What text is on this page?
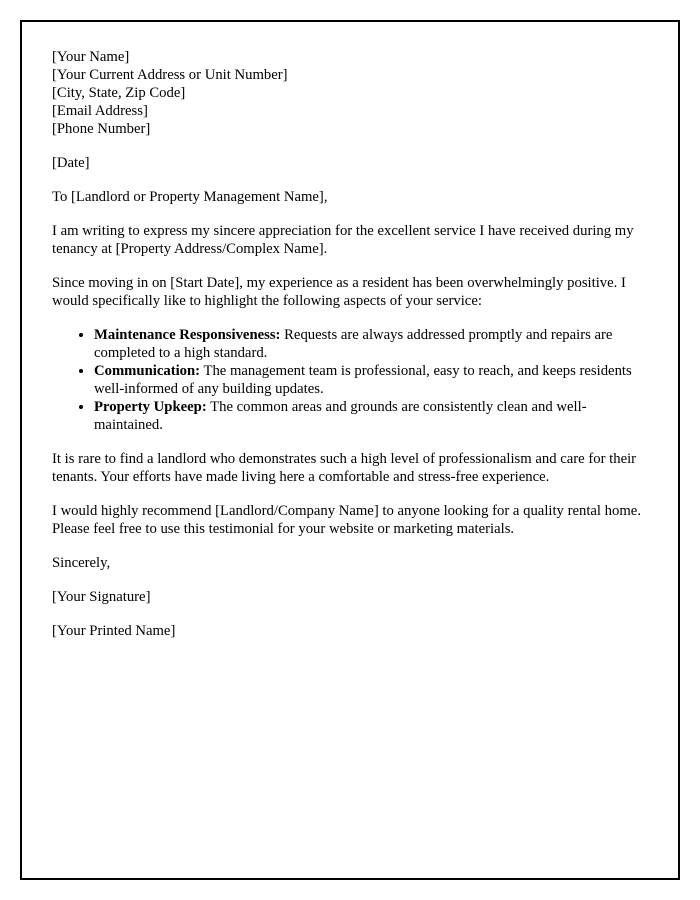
[Your Name]

[Your Current Address or Unit Number]

[City, State, Zip Code]

[Email Address]

[Phone Number]

[Date]

To [Landlord or Property Management Name],

I am writing to express my sincere appreciation for the excellent service I have received during my tenancy at [Property Address/Complex Name].

Since moving in on [Start Date], my experience as a resident has been overwhelmingly positive. I would specifically like to highlight the following aspects of your service:

• Maintenance Responsiveness: Requests are always addressed promptly and repairs are completed to a high standard.
• Communication: The management team is professional, easy to reach, and keeps residents well-informed of any building updates.
• Property Upkeep: The common areas and grounds are consistently clean and well-maintained.

It is rare to find a landlord who demonstrates such a high level of professionalism and care for their tenants. Your efforts have made living here a comfortable and stress-free experience.

I would highly recommend [Landlord/Company Name] to anyone looking for a quality rental home. Please feel free to use this testimonial for your website or marketing materials.

Sincerely,

[Your Signature]

[Your Printed Name]
